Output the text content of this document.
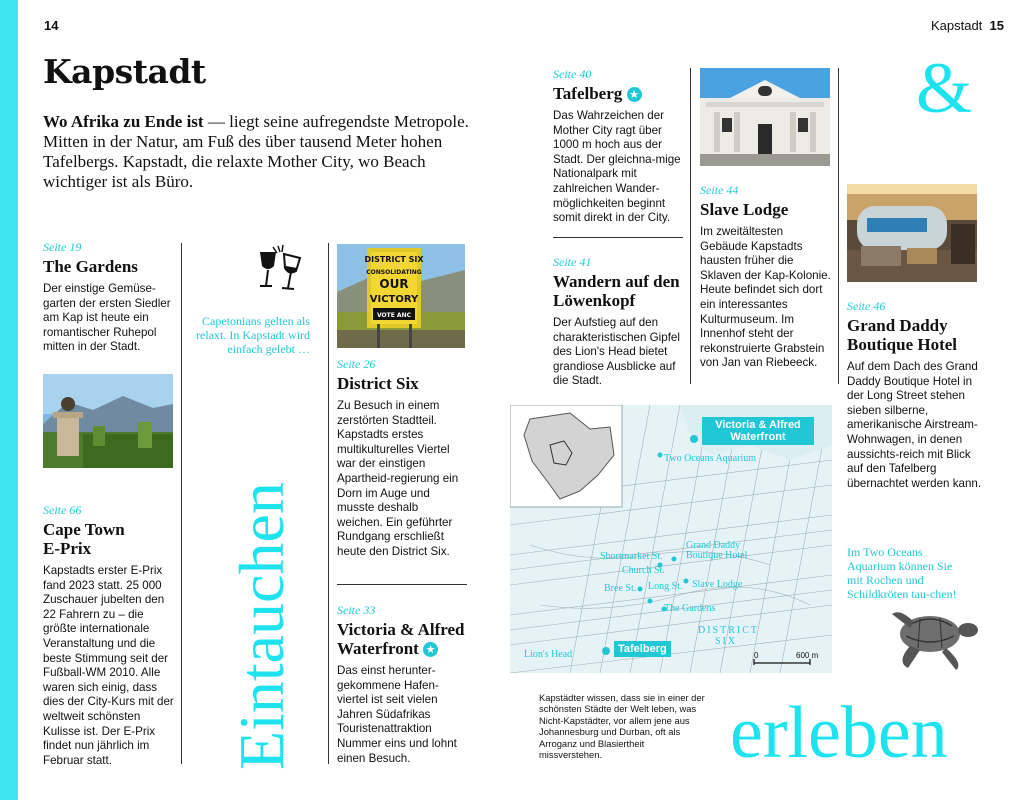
14	Kapstadt 15
Kapstadt
Wo Afrika zu Ende ist — liegt seine aufregendste Metropole. Mitten in der Natur, am Fuß des über tausend Meter hohen Tafelbergs. Kapstadt, die relaxte Mother City, wo Beach wichtiger ist als Büro.
Seite 19
The Gardens
Der einstige Gemüse-garten der ersten Siedler am Kap ist heute ein romantischer Ruhepol mitten in der Stadt.
Seite 66
Cape Town
E-Prix
Kapstadts erster E-Prix fand 2023 statt. 25 000 Zuschauer jubelten den 22 Fahrern zu – die größte internationale Veranstaltung und die beste Stimmung seit der Fußball-WM 2010. Alle waren sich einig, dass dies der City-Kurs mit der weltweit schönsten Kulisse ist. Der E-Prix findet nun jährlich im Februar statt.
Capetonians gelten als relaxt. In Kapstadt wird einfach gelebt …
Eintauchen
DISTRICT SIX
CONSOLIDATING
OUR
VICTORY
VOTE ANC
Seite 26
District Six
Zu Besuch in einem zerstörten Stadtteil. Kapstadts erstes multikulturelles Viertel war der einstigen Apartheid-regierung ein Dorn im Auge und musste deshalb weichen. Ein geführter Rundgang erschließt heute den District Six.
Seite 33
Victoria & Alfred
Waterfront ★
Das einst herunter-gekommene Hafen-viertel ist seit vielen Jahren Südafrikas Touristenattraktion Nummer eins und lohnt einen Besuch.
Seite 40
Tafelberg ★
Das Wahrzeichen der Mother City ragt über 1000 m hoch aus der Stadt. Der gleichna-mige Nationalpark mit zahlreichen Wander-möglichkeiten beginnt somit direkt in der City.
Seite 41
Wandern auf den
Löwenkopf
Der Aufstieg auf den charakteristischen Gipfel des Lion's Head bietet grandiose Ausblicke auf die Stadt.
Seite 44
Slave Lodge
Im zweitältesten Gebäude Kapstadts hausten früher die Sklaven der Kap-Kolonie. Heute befindet sich dort ein interessantes Kulturmuseum. Im Innenhof steht der rekonstruierte Grabstein von Jan van Riebeeck.
&
Seite 46
Grand Daddy
Boutique Hotel
Auf dem Dach des Grand Daddy Boutique Hotel in der Long Street stehen sieben silberne, amerikanische Airstream-Wohnwagen, in denen aussichts-reich mit Blick auf den Tafelberg übernachtet werden kann.
Im Two Oceans Aquarium können Sie mit Rochen und Schildkröten tau-chen!
erleben
Victoria & Alfred Waterfront
Tafelberg
Two Oceans Aquarium
Shortmarket St.
Church St.
Bree St. Long St.
Grand Daddy Boutique Hotel
Slave Lodge
The Gardens
DISTRICT SIX
Lion's Head	0	600 m
Kapstädter wissen, dass sie in einer der schönsten Städte der Welt leben, was Nicht-Kapstädter, vor allem jene aus Johannesburg und Durban, oft als Arroganz und Blasiertheit missverstehen.
